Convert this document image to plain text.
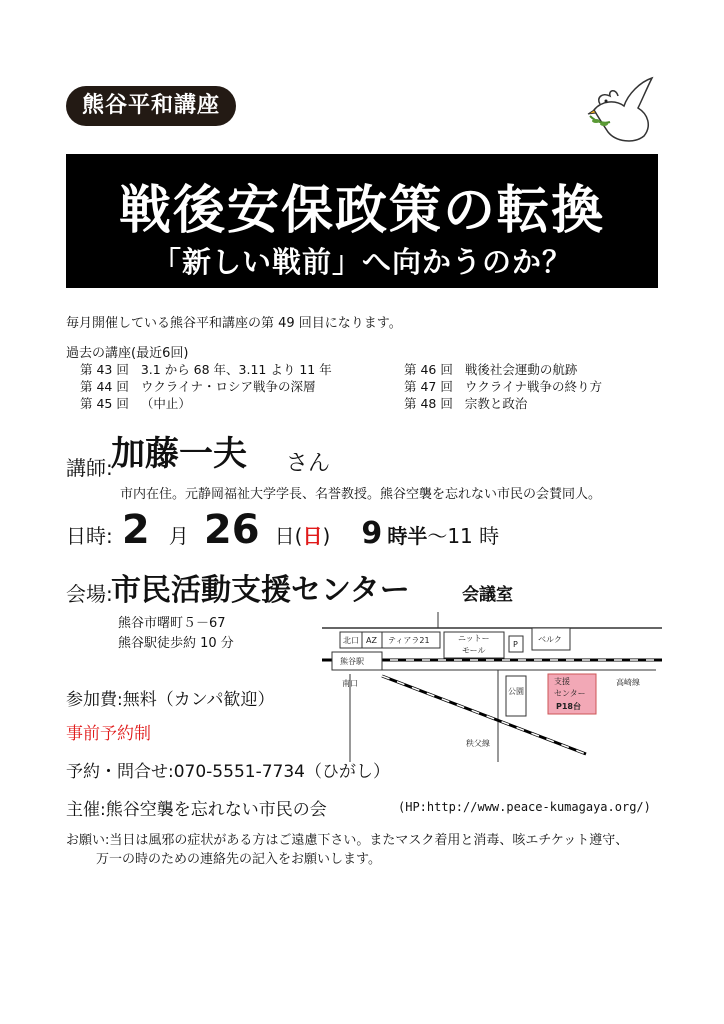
熊谷平和講座
戦後安保政策の転換
「新しい戦前」へ向かうのか？
毎月開催している熊谷平和講座の第 49 回目になります。
過去の講座(最近6回)
第 43 回 3.1 から 68 年、3.11 より 11 年
第 44 回 ウクライナ・ロシア戦争の深層
第 45 回 （中止）
第 46 回 戦後社会運動の航跡
第 47 回 ウクライナ戦争の終り方
第 48 回 宗教と政治
講師:
加藤一夫 さん
市内在住。元静岡福祉大学学長、名誉教授。熊谷空襲を忘れない市民の会賛同人。
日時: 2 月 26 日(日) 9 時半～11 時
会場:
市民活動支援センター	会議室
熊谷市曙町５－67
熊谷駅徒歩約 10 分	北口 AZ ティアラ21	ニットー
モール
P
ベルク
熊谷駅
南口
秩父線
公園
支援
センター
P18台
高崎線
参加費:無料（カンパ歓迎）
事前予約制
予約・問合せ:070-5551-7734（ひがし）
主催:熊谷空襲を忘れない市民の会	(HP:http://www.peace-kumagaya.org/)
お願い:当日は風邪の症状がある方はご遠慮下さい。またマスク着用と消毒、咳エチケット遵守、
万一の時のための連絡先の記入をお願いします。
